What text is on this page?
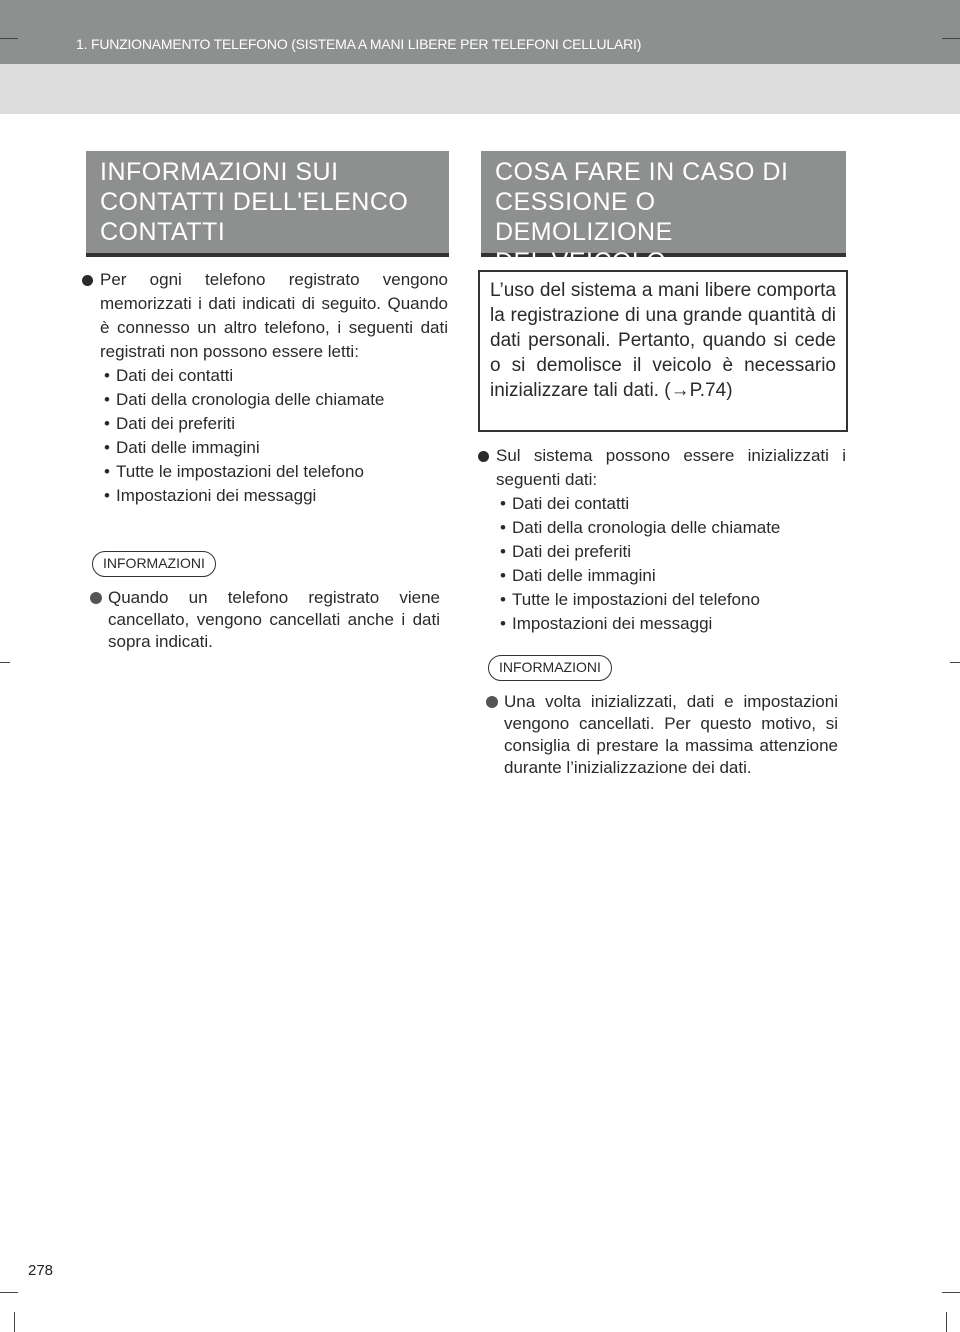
1. FUNZIONAMENTO TELEFONO (SISTEMA A MANI LIBERE PER TELEFONI CELLULARI)
INFORMAZIONI SUI
CONTATTI DELL'ELENCO
CONTATTI
Per ogni telefono registrato vengono memorizzati i dati indicati di seguito. Quando è connesso un altro telefono, i seguenti dati registrati non possono essere letti:
• Dati dei contatti
• Dati della cronologia delle chiamate
• Dati dei preferiti
• Dati delle immagini
• Tutte le impostazioni del telefono
• Impostazioni dei messaggi
INFORMAZIONI
Quando un telefono registrato viene cancellato, vengono cancellati anche i dati sopra indicati.
COSA FARE IN CASO DI
CESSIONE O DEMOLIZIONE
DEL VEICOLO
L’uso del sistema a mani libere comporta la registrazione di una grande quantità di dati personali. Pertanto, quando si cede o si demolisce il veicolo è necessario inizializzare tali dati. (→P.74)
Sul sistema possono essere inizializzati i seguenti dati:
• Dati dei contatti
• Dati della cronologia delle chiamate
• Dati dei preferiti
• Dati delle immagini
• Tutte le impostazioni del telefono
• Impostazioni dei messaggi
INFORMAZIONI
Una volta inizializzati, dati e impostazioni vengono cancellati. Per questo motivo, si consiglia di prestare la massima attenzione durante l’inizializzazione dei dati.
278
